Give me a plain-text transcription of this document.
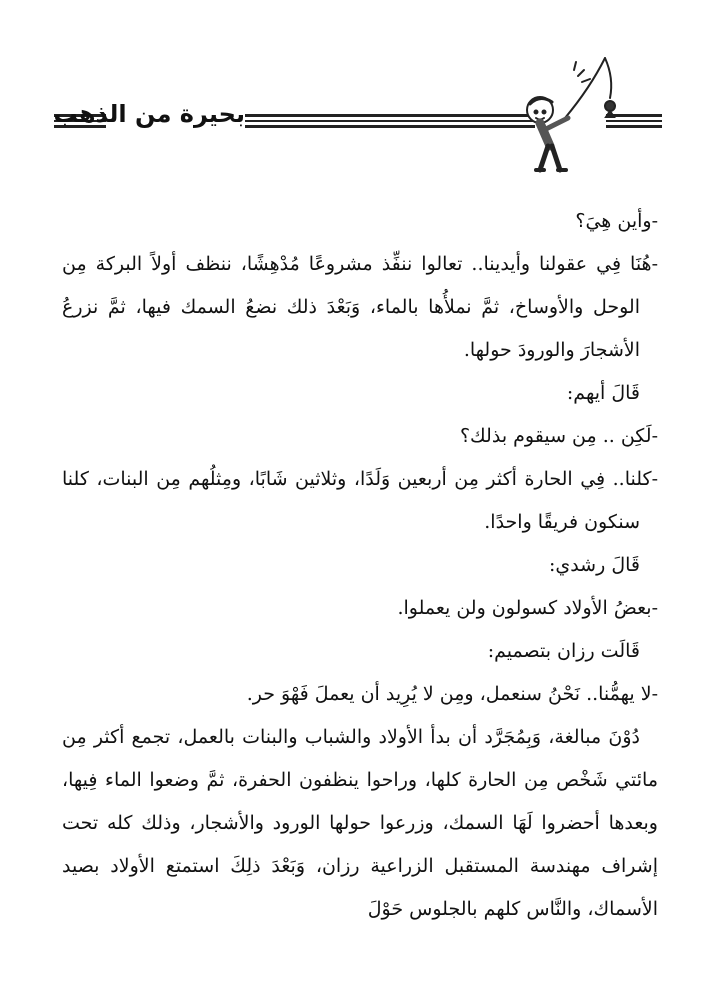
بحيرة من الذهب

-وأين هِيَ؟

-هُنَا فِي عقولنا وأيدينا.. تعالوا ننفِّذ مشروعًا مُدْهِشًا، ننظف أولاً البركة مِن الوحل والأوساخ، ثمَّ نملأُها بالماء، وَبَعْدَ ذلك نضعُ السمك فيها، ثمَّ نزرعُ الأشجارَ والورودَ حولها.

قَالَ أيهم:

-لَكِن .. مِن سيقوم بذلك؟

-كلنا.. فِي الحارة أكثر مِن أربعين وَلَدًا، وثلاثين شَابًا، ومِثلُهم مِن البنات، كلنا سنكون فريقًا واحدًا.

قَالَ رشدي:

-بعضُ الأولاد كسولون ولن يعملوا.

قَالَت رزان بتصميم:

-لا يهمُّنا.. نَحْنُ سنعمل، ومِن لا يُرِيد أن يعملَ فَهْوَ حر.

دُوْنَ مبالغة، وَبِمُجَرَّد أن بدأ الأولاد والشباب والبنات بالعمل، تجمع أكثر مِن مائتي شَخْص مِن الحارة كلها، وراحوا ينظفون الحفرة، ثمَّ وضعوا الماء فِيها، وبعدها أحضروا لَهَا السمك، وزرعوا حولها الورود والأشجار، وذلك كله تحت إشراف مهندسة المستقبل الزراعية رزان، وَبَعْدَ ذلِكَ استمتع الأولاد بصيد الأسماك، والنَّاس كلهم بالجلوس حَوْلَ
